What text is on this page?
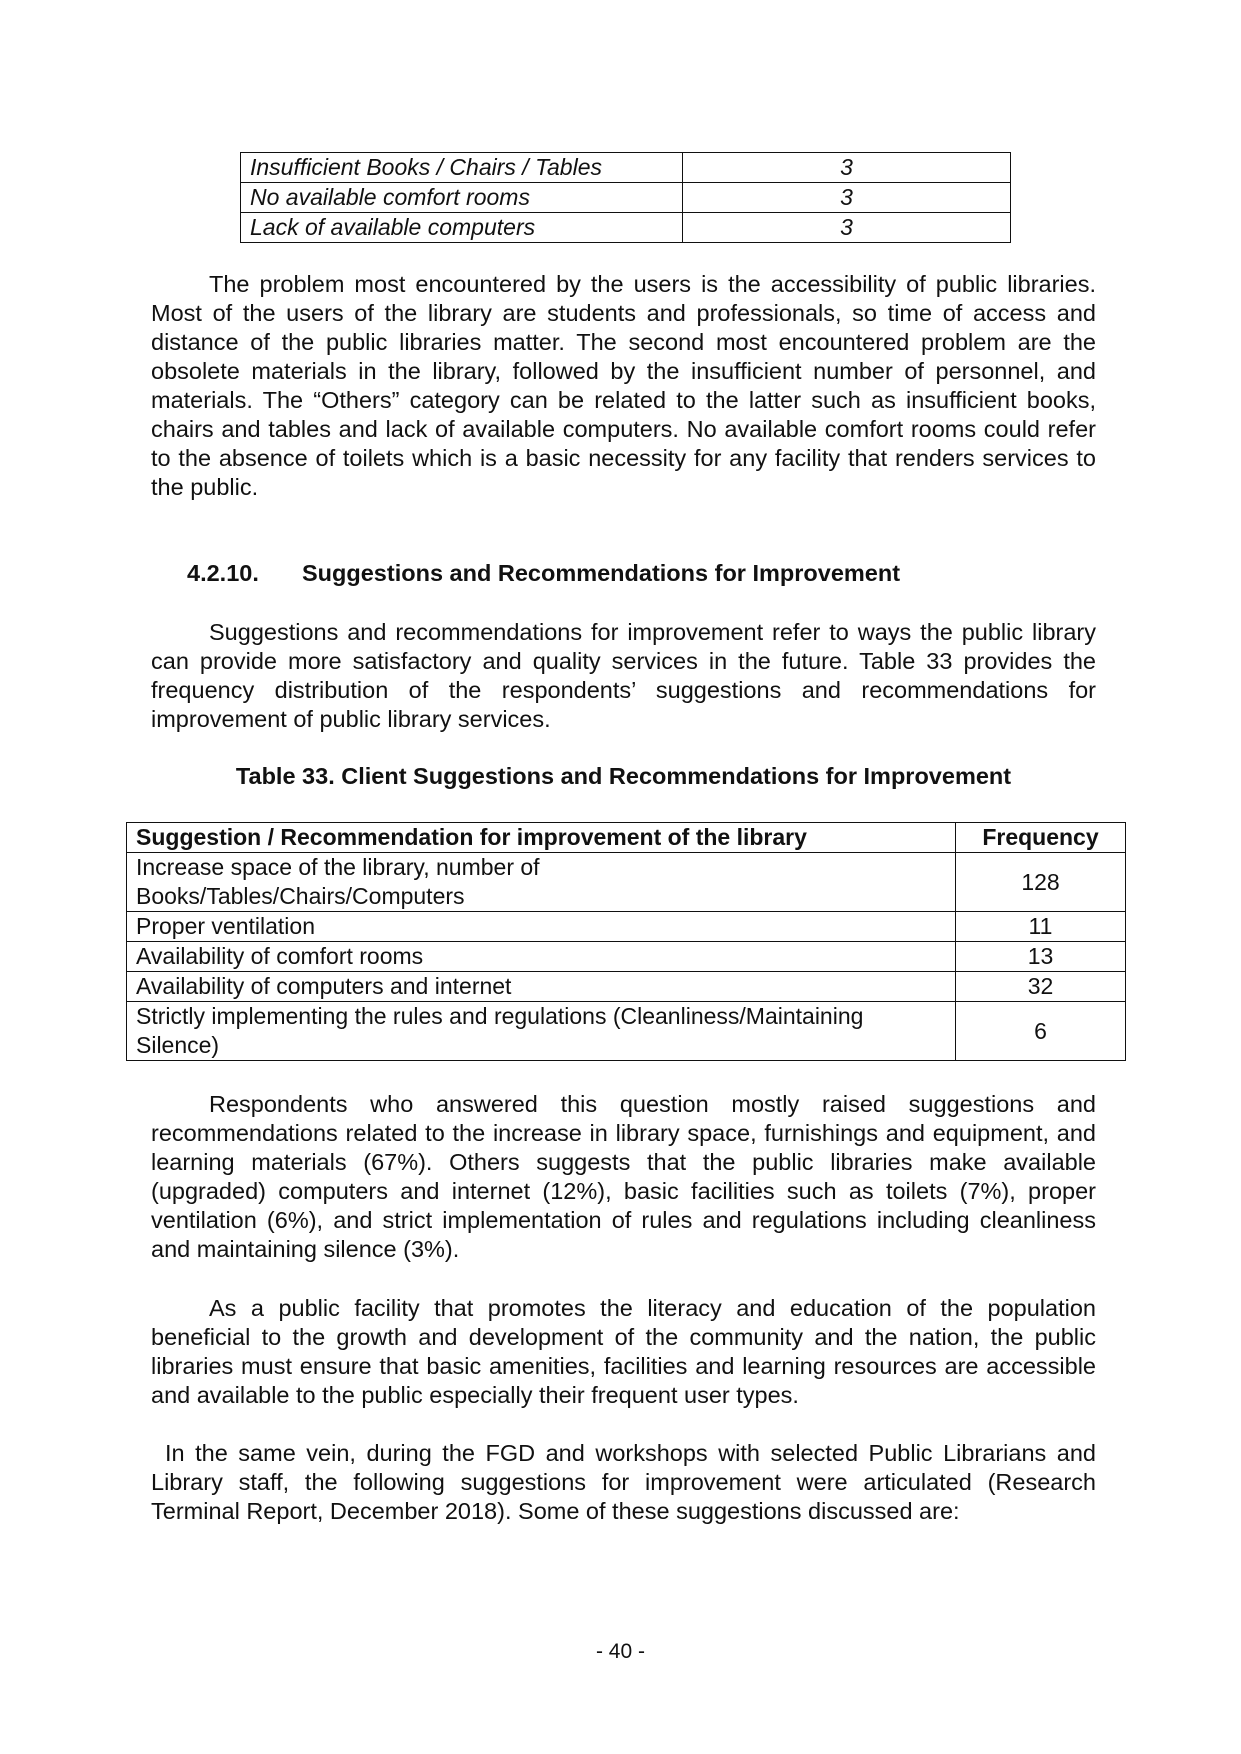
Insufficient Books / Chairs / Tables	3
No available comfort rooms	3
Lack of available computers	3

The problem most encountered by the users is the accessibility of public libraries. Most of the users of the library are students and professionals, so time of access and distance of the public libraries matter. The second most encountered problem are the obsolete materials in the library, followed by the insufficient number of personnel, and materials. The “Others” category can be related to the latter such as insufficient books, chairs and tables and lack of available computers. No available comfort rooms could refer to the absence of toilets which is a basic necessity for any facility that renders services to the public.

4.2.10. Suggestions and Recommendations for Improvement

Suggestions and recommendations for improvement refer to ways the public library can provide more satisfactory and quality services in the future. Table 33 provides the frequency distribution of the respondents’ suggestions and recommendations for improvement of public library services.

Table 33. Client Suggestions and Recommendations for Improvement
Suggestion / Recommendation for improvement of the library	Frequency
Increase space of the library, number of Books/Tables/Chairs/Computers	128
Proper ventilation	11
Availability of comfort rooms	13
Availability of computers and internet	32
Strictly implementing the rules and regulations (Cleanliness/Maintaining Silence)	6

Respondents who answered this question mostly raised suggestions and recommendations related to the increase in library space, furnishings and equipment, and learning materials (67%). Others suggests that the public libraries make available (upgraded) computers and internet (12%), basic facilities such as toilets (7%), proper ventilation (6%), and strict implementation of rules and regulations including cleanliness and maintaining silence (3%).

As a public facility that promotes the literacy and education of the population beneficial to the growth and development of the community and the nation, the public libraries must ensure that basic amenities, facilities and learning resources are accessible and available to the public especially their frequent user types.

In the same vein, during the FGD and workshops with selected Public Librarians and Library staff, the following suggestions for improvement were articulated (Research Terminal Report, December 2018). Some of these suggestions discussed are:

- 40 -
